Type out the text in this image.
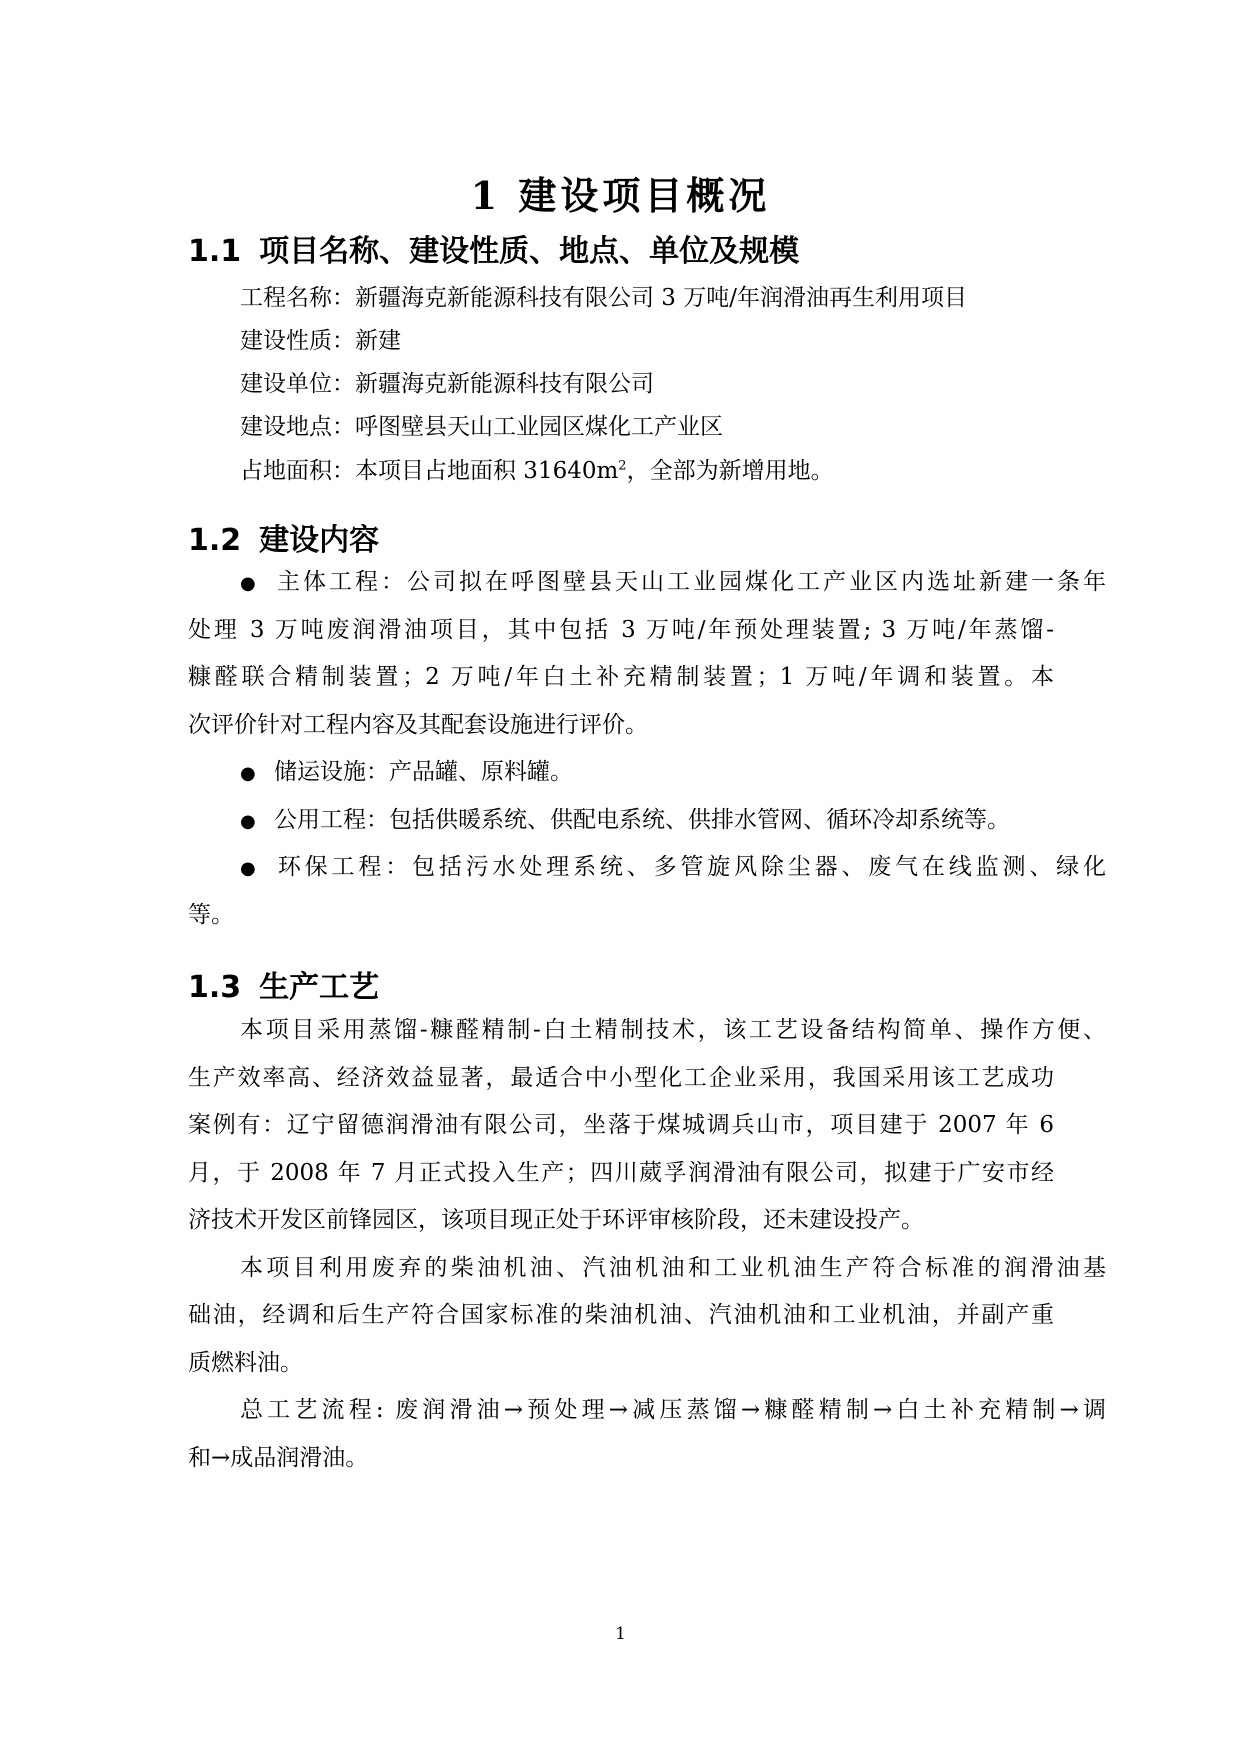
1 建设项目概况
1.1 项目名称、建设性质、地点、单位及规模
工程名称：新疆海克新能源科技有限公司 3 万吨/年润滑油再生利用项目
建设性质：新建
建设单位：新疆海克新能源科技有限公司
建设地点：呼图壁县天山工业园区煤化工产业区
占地面积：本项目占地面积 $31640m^2$，全部为新增用地。
1.2 建设内容
●主体工程：公司拟在呼图壁县天山工业园煤化工产业区内选址新建一条年
处理 3 万吨废润滑油项目，其中包括 3 万吨/年预处理装置; 3 万吨/年蒸馏-
糠醛联合精制装置；2 万吨/年白土补充精制装置；1 万吨/年调和装置。本
次评价针对工程内容及其配套设施进行评价。
●储运设施：产品罐、原料罐。
●公用工程：包括供暖系统、供配电系统、供排水管网、循环冷却系统等。
●环保工程：包括污水处理系统、多管旋风除尘器、废气在线监测、绿化
等。
1.3 生产工艺
本项目采用蒸馏-糠醛精制-白土精制技术，该工艺设备结构简单、操作方便、
生产效率高、经济效益显著，最适合中小型化工企业采用，我国采用该工艺成功
案例有：辽宁留德润滑油有限公司，坐落于煤城调兵山市，项目建于 2007 年 6
月，于 2008 年 7 月正式投入生产；四川葳孚润滑油有限公司，拟建于广安市经
济技术开发区前锋园区，该项目现正处于环评审核阶段，还未建设投产。
本项目利用废弃的柴油机油、汽油机油和工业机油生产符合标准的润滑油基
础油，经调和后生产符合国家标准的柴油机油、汽油机油和工业机油，并副产重
质燃料油。
总工艺流程: 废润滑油→预处理→减压蒸馏→糠醛精制→白土补充精制→调
和→成品润滑油。
1
